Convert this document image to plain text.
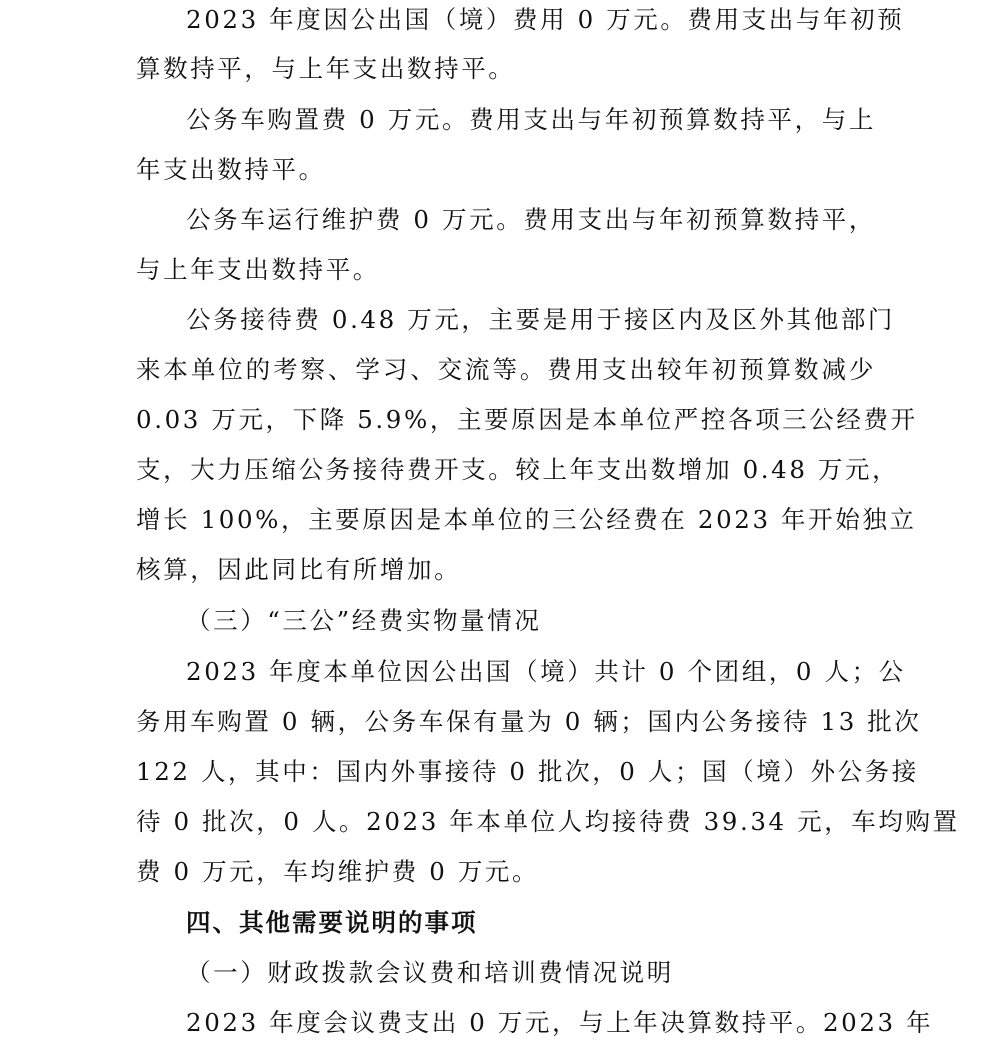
2023 年度因公出国（境）费用 0 万元。费用支出与年初预
算数持平，与上年支出数持平。
公务车购置费 0 万元。费用支出与年初预算数持平，与上
年支出数持平。
公务车运行维护费 0 万元。费用支出与年初预算数持平，
与上年支出数持平。
公务接待费 0.48 万元，主要是用于接区内及区外其他部门
来本单位的考察、学习、交流等。费用支出较年初预算数减少
0.03 万元，下降 5.9%，主要原因是本单位严控各项三公经费开
支，大力压缩公务接待费开支。较上年支出数增加 0.48 万元，
增长 100%，主要原因是本单位的三公经费在 2023 年开始独立
核算，因此同比有所增加。
（三）“三公”经费实物量情况
2023 年度本单位因公出国（境）共计 0 个团组，0 人；公
务用车购置 0 辆，公务车保有量为 0 辆；国内公务接待 13 批次
122 人，其中：国内外事接待 0 批次，0 人；国（境）外公务接
待 0 批次，0 人。2023 年本单位人均接待费 39.34 元，车均购置
费 0 万元，车均维护费 0 万元。
四、其他需要说明的事项
（一）财政拨款会议费和培训费情况说明
2023 年度会议费支出 0 万元，与上年决算数持平。2023 年
